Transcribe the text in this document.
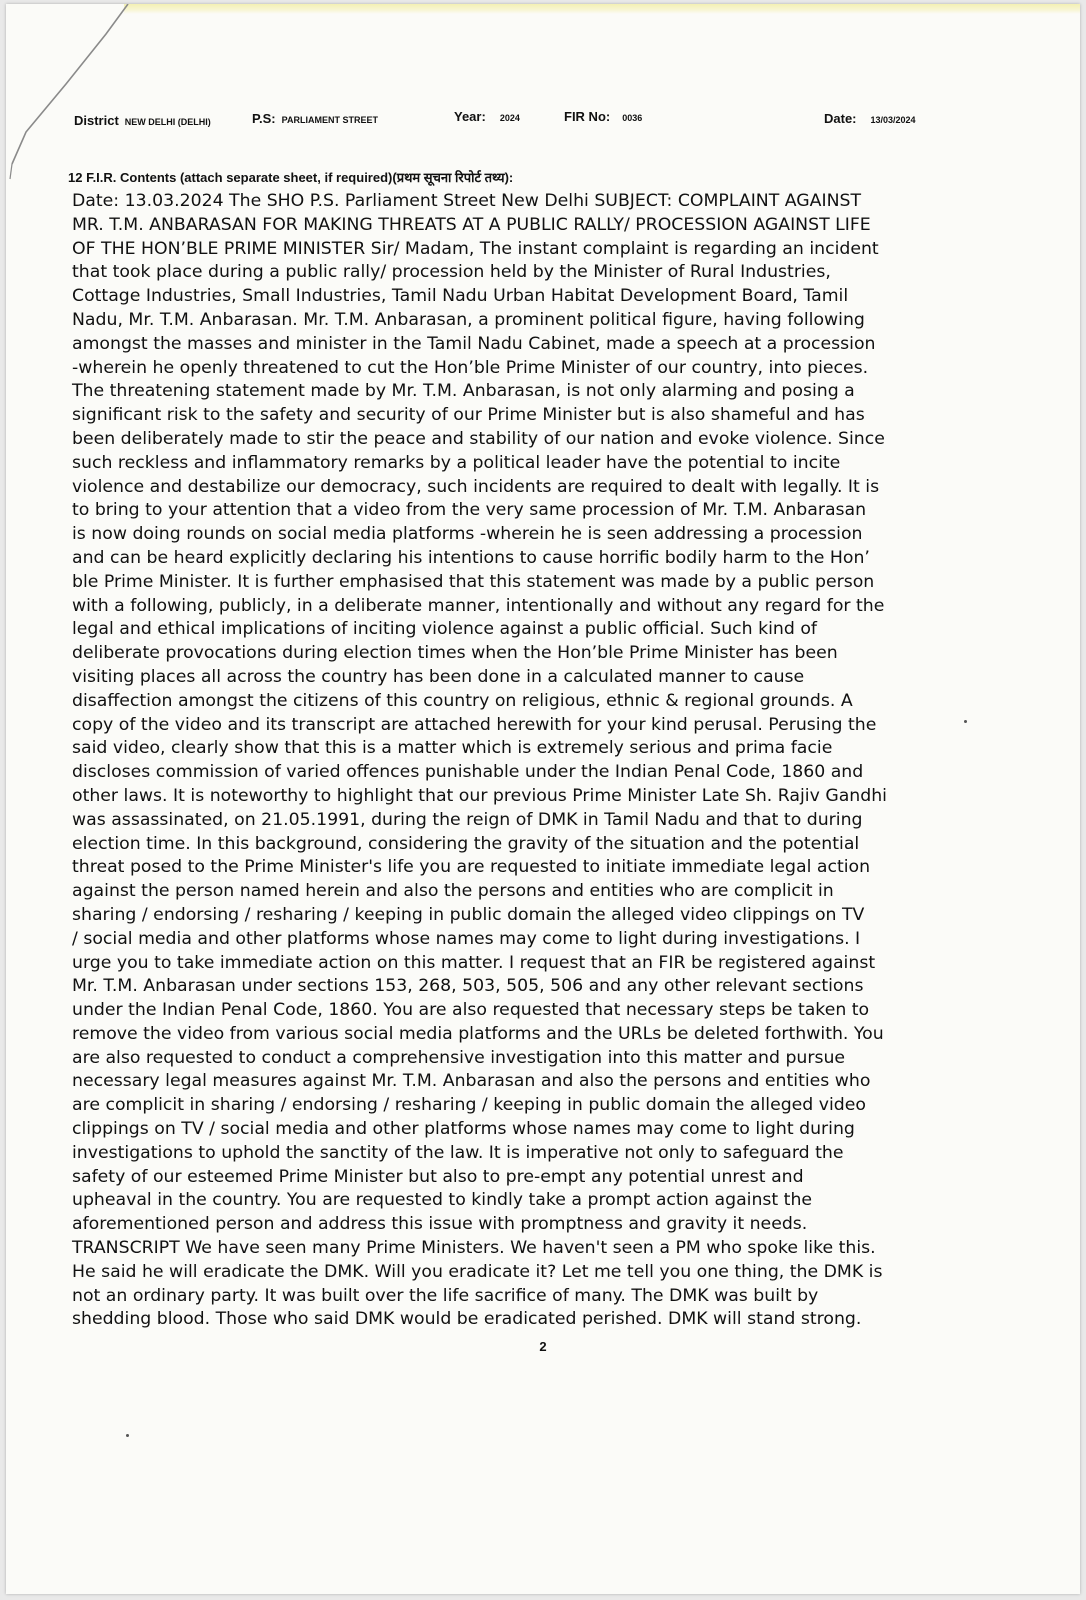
District NEW DELHI (DELHI)	P.S: PARLIAMENT STREET	Year: 2024	FIR No: 0036	Date: 13/03/2024
12 F.I.R. Contents (attach separate sheet, if required)(प्रथम सूचना रिपोर्ट तथ्य):
Date: 13.03.2024 The SHO P.S. Parliament Street New Delhi SUBJECT: COMPLAINT AGAINST
MR. T.M. ANBARASAN FOR MAKING THREATS AT A PUBLIC RALLY/ PROCESSION AGAINST LIFE
OF THE HON’BLE PRIME MINISTER Sir/ Madam, The instant complaint is regarding an incident
that took place during a public rally/ procession held by the Minister of Rural Industries,
Cottage Industries, Small Industries, Tamil Nadu Urban Habitat Development Board, Tamil
Nadu, Mr. T.M. Anbarasan. Mr. T.M. Anbarasan, a prominent political figure, having following
amongst the masses and minister in the Tamil Nadu Cabinet, made a speech at a procession
-wherein he openly threatened to cut the Hon’ble Prime Minister of our country, into pieces.
The threatening statement made by Mr. T.M. Anbarasan, is not only alarming and posing a
significant risk to the safety and security of our Prime Minister but is also shameful and has
been deliberately made to stir the peace and stability of our nation and evoke violence. Since
such reckless and inflammatory remarks by a political leader have the potential to incite
violence and destabilize our democracy, such incidents are required to dealt with legally. It is
to bring to your attention that a video from the very same procession of Mr. T.M. Anbarasan
is now doing rounds on social media platforms -wherein he is seen addressing a procession
and can be heard explicitly declaring his intentions to cause horrific bodily harm to the Hon’
ble Prime Minister. It is further emphasised that this statement was made by a public person
with a following, publicly, in a deliberate manner, intentionally and without any regard for the
legal and ethical implications of inciting violence against a public official. Such kind of
deliberate provocations during election times when the Hon’ble Prime Minister has been
visiting places all across the country has been done in a calculated manner to cause
disaffection amongst the citizens of this country on religious, ethnic & regional grounds. A
copy of the video and its transcript are attached herewith for your kind perusal. Perusing the
said video, clearly show that this is a matter which is extremely serious and prima facie
discloses commission of varied offences punishable under the Indian Penal Code, 1860 and
other laws. It is noteworthy to highlight that our previous Prime Minister Late Sh. Rajiv Gandhi
was assassinated, on 21.05.1991, during the reign of DMK in Tamil Nadu and that to during
election time. In this background, considering the gravity of the situation and the potential
threat posed to the Prime Minister's life you are requested to initiate immediate legal action
against the person named herein and also the persons and entities who are complicit in
sharing / endorsing / resharing / keeping in public domain the alleged video clippings on TV
/ social media and other platforms whose names may come to light during investigations. I
urge you to take immediate action on this matter. I request that an FIR be registered against
Mr. T.M. Anbarasan under sections 153, 268, 503, 505, 506 and any other relevant sections
under the Indian Penal Code, 1860. You are also requested that necessary steps be taken to
remove the video from various social media platforms and the URLs be deleted forthwith. You
are also requested to conduct a comprehensive investigation into this matter and pursue
necessary legal measures against Mr. T.M. Anbarasan and also the persons and entities who
are complicit in sharing / endorsing / resharing / keeping in public domain the alleged video
clippings on TV / social media and other platforms whose names may come to light during
investigations to uphold the sanctity of the law. It is imperative not only to safeguard the
safety of our esteemed Prime Minister but also to pre-empt any potential unrest and
upheaval in the country. You are requested to kindly take a prompt action against the
aforementioned person and address this issue with promptness and gravity it needs.
TRANSCRIPT We have seen many Prime Ministers. We haven't seen a PM who spoke like this.
He said he will eradicate the DMK. Will you eradicate it? Let me tell you one thing, the DMK is
not an ordinary party. It was built over the life sacrifice of many. The DMK was built by
shedding blood. Those who said DMK would be eradicated perished. DMK will stand strong.
2
